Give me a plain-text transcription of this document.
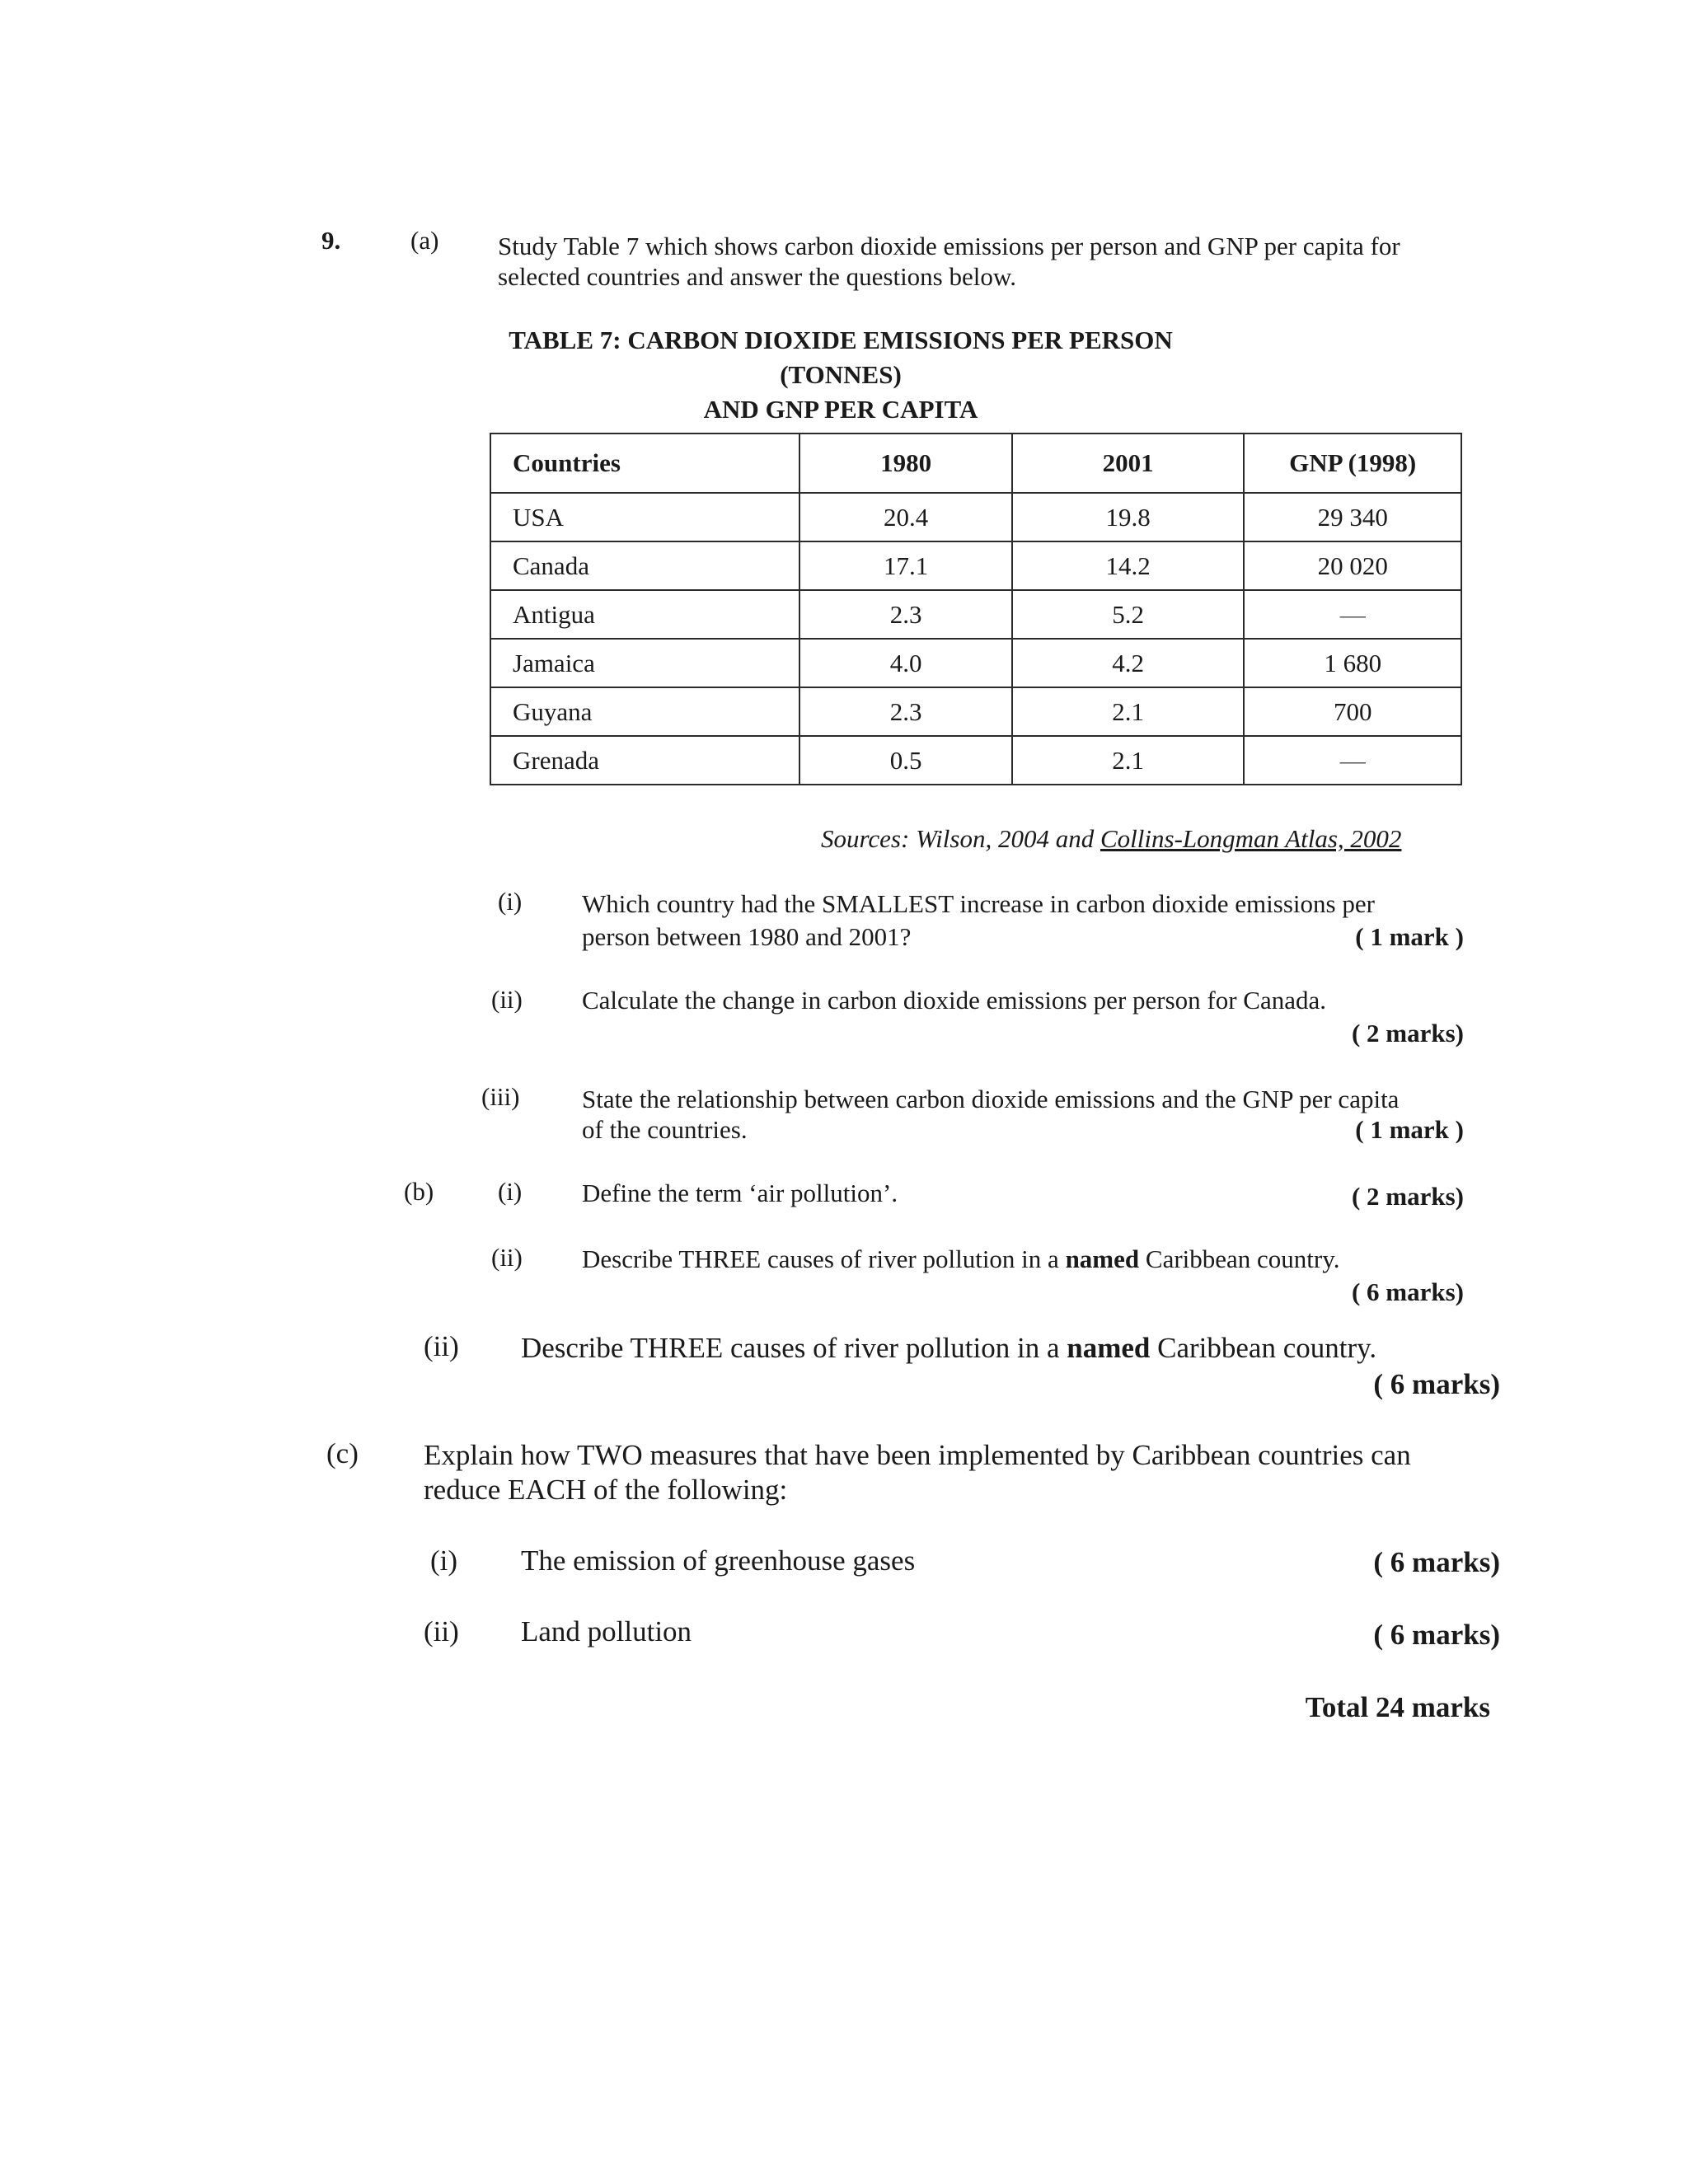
9.	(a) Study Table 7 which shows carbon dioxide emissions per person and GNP per capita for
selected countries and answer the questions below.
TABLE 7: CARBON DIOXIDE EMISSIONS PER PERSON (TONNES)
AND GNP PER CAPITA
Countries	1980	2001	GNP (1998)
USA	20.4	19.8	29 340
Canada	17.1	14.2	20 020
Antigua	2.3	5.2	—
Jamaica	4.0	4.2	1 680
Guyana	2.3	2.1	700
Grenada	0.5	2.1	—
Sources: Wilson, 2004 and Collins-Longman Atlas, 2002
(i) Which country had the SMALLEST increase in carbon dioxide emissions per
person between 1980 and 2001?	( 1 mark )
(ii) Calculate the change in carbon dioxide emissions per person for Canada.
( 2 marks)
(iii) State the relationship between carbon dioxide emissions and the GNP per capita
of the countries.	( 1 mark )
(b)	(i) Define the term ‘air pollution’.	( 2 marks)
(ii) Describe THREE causes of river pollution in a named Caribbean country.
( 6 marks)
(ii) Describe THREE causes of river pollution in a named Caribbean country.
( 6 marks)
(c) Explain how TWO measures that have been implemented by Caribbean countries can
reduce EACH of the following:
(i) The emission of greenhouse gases	( 6 marks)
(ii) Land pollution	( 6 marks)
Total 24 marks
